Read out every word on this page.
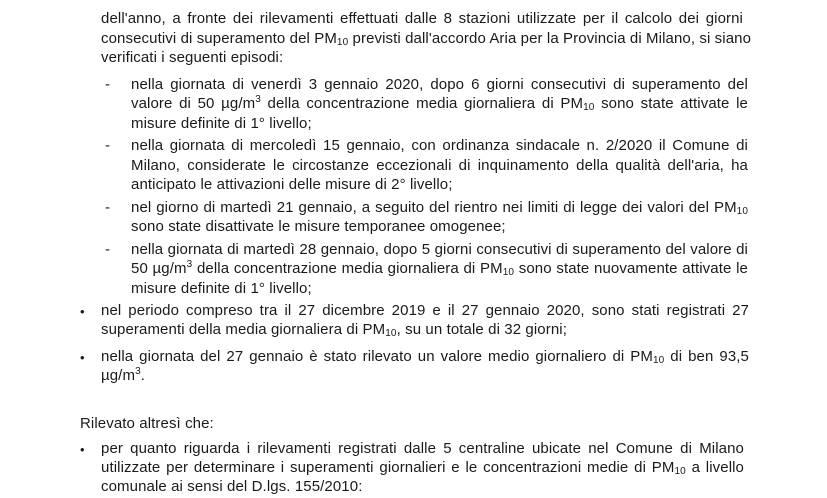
dell'anno, a fronte dei rilevamenti effettuati dalle 8 stazioni utilizzate per il calcolo dei giorni
consecutivi di superamento del $PM_{10}$ previsti dall'accordo Aria per la Provincia di Milano, si siano
verificati i seguenti episodi:
- nella giornata di venerdì 3 gennaio 2020, dopo 6 giorni consecutivi di superamento del
valore di 50 $\mu g/m^3$ della concentrazione media giornaliera di $PM_{10}$ sono state attivate le
misure definite di 1° livello;
- nella giornata di mercoledì 15 gennaio, con ordinanza sindacale n. 2/2020 il Comune di
Milano, considerate le circostanze eccezionali di inquinamento della qualità dell'aria, ha
anticipato le attivazioni delle misure di 2° livello;
- nel giorno di martedì 21 gennaio, a seguito del rientro nei limiti di legge dei valori del $PM_{10}$
sono state disattivate le misure temporanee omogenee;
- nella giornata di martedì 28 gennaio, dopo 5 giorni consecutivi di superamento del valore di
50 $\mu g/m^3$ della concentrazione media giornaliera di $PM_{10}$ sono state nuovamente attivate le
misure definite di 1° livello;
• nel periodo compreso tra il 27 dicembre 2019 e il 27 gennaio 2020, sono stati registrati 27
superamenti della media giornaliera di $PM_{10}$, su un totale di 32 giorni;
• nella giornata del 27 gennaio è stato rilevato un valore medio giornaliero di $PM_{10}$ di ben 93,5
$\mu g/m^3$.
Rilevato altresì che:
• per quanto riguarda i rilevamenti registrati dalle 5 centraline ubicate nel Comune di Milano
utilizzate per determinare i superamenti giornalieri e le concentrazioni medie di $PM_{10}$ a livello
comunale ai sensi del D.lgs. 155/2010:
